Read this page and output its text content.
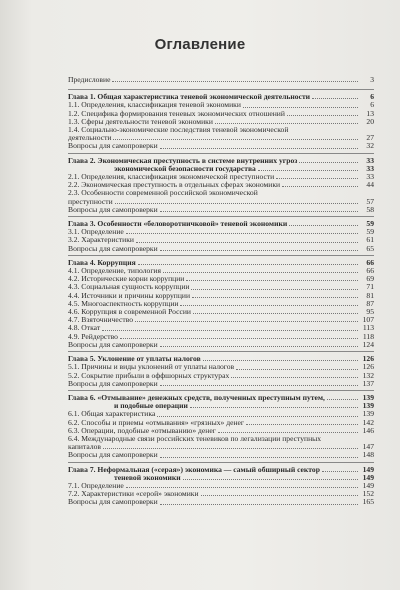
Оглавление
Предисловие	3
Глава 1. Общая характеристика теневой экономической деятельности	6
1.1. Определения, классификация теневой экономики	6
1.2. Специфика формирования теневых экономических отношений	13
1.3. Сферы деятельности теневой экономики	20
1.4. Социально-экономические последствия теневой экономической
деятельности	27
Вопросы для самопроверки	32
Глава 2. Экономическая преступность в системе внутренних угроз	33
экономической безопасности государства	33
2.1. Определения, классификация экономической преступности	33
2.2. Экономическая преступность в отдельных сферах экономики	44
2.3. Особенности современной российской экономической
преступности	57
Вопросы для самопроверки	58
Глава 3. Особенности «беловоротничковой» теневой экономики	59
3.1. Определение	59
3.2. Характеристики	61
Вопросы для самопроверки	65
Глава 4. Коррупция	66
4.1. Определение, типология	66
4.2. Исторические корни коррупции	69
4.3. Социальная сущность коррупции	71
4.4. Источники и причины коррупции	81
4.5. Многоаспектность коррупции	87
4.6. Коррупция в современной России	95
4.7. Взяточничество	107
4.8. Откат	113
4.9. Рейдерство	118
Вопросы для самопроверки	124
Глава 5. Уклонение от уплаты налогов	126
5.1. Причины и виды уклонений от уплаты налогов	126
5.2. Сокрытие прибыли в оффшорных структурах	132
Вопросы для самопроверки	137
Глава 6. «Отмывание» денежных средств, полученных преступным путем,	139
и подобные операции	139
6.1. Общая характеристика	139
6.2. Способы и приемы «отмывания» «грязных» денег	142
6.3. Операции, подобные «отмыванию» денег	146
6.4. Международные связи российских теневиков по легализации преступных
капиталов	147
Вопросы для самопроверки	148
Глава 7. Неформальная («серая») экономика — самый обширный сектор	149
теневой экономики	149
7.1. Определение	149
7.2. Характеристики «серой» экономики	152
Вопросы для самопроверки	165
